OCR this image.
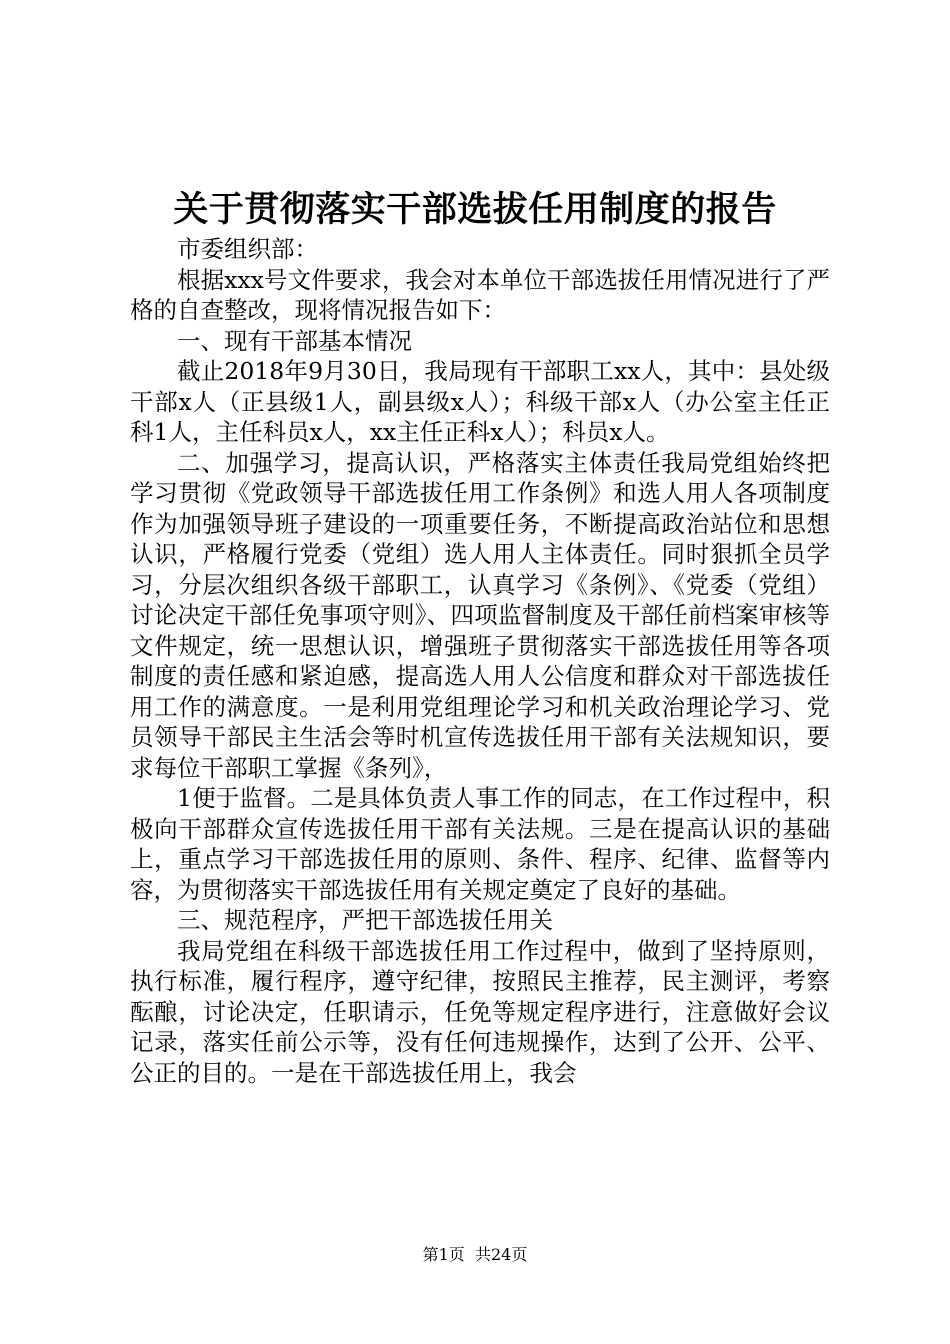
关于贯彻落实干部选拔任用制度的报告

市委组织部：

根据xxx号文件要求，我会对本单位干部选拔任用情况进行了严格的自查整改，现将情况报告如下：

一、现有干部基本情况

截止2018年9月30日，我局现有干部职工xx人，其中：县处级干部x人（正县级1人，副县级x人）；科级干部x人（办公室主任正科1人，主任科员x人，xx主任正科x人）；科员x人。

二、加强学习，提高认识，严格落实主体责任我局党组始终把学习贯彻《党政领导干部选拔任用工作条例》和选人用人各项制度作为加强领导班子建设的一项重要任务，不断提高政治站位和思想认识，严格履行党委（党组）选人用人主体责任。同时狠抓全员学习，分层次组织各级干部职工，认真学习《条例》、《党委（党组）讨论决定干部任免事项守则》、四项监督制度及干部任前档案审核等文件规定，统一思想认识，增强班子贯彻落实干部选拔任用等各项制度的责任感和紧迫感，提高选人用人公信度和群众对干部选拔任用工作的满意度。一是利用党组理论学习和机关政治理论学习、党员领导干部民主生活会等时机宣传选拔任用干部有关法规知识，要求每位干部职工掌握《条列》，

1便于监督。二是具体负责人事工作的同志，在工作过程中，积极向干部群众宣传选拔任用干部有关法规。三是在提高认识的基础上，重点学习干部选拔任用的原则、条件、程序、纪律、监督等内容，为贯彻落实干部选拔任用有关规定奠定了良好的基础。

三、规范程序，严把干部选拔任用关

我局党组在科级干部选拔任用工作过程中，做到了坚持原则，执行标准，履行程序，遵守纪律，按照民主推荐，民主测评，考察酝酿，讨论决定，任职请示，任免等规定程序进行，注意做好会议记录，落实任前公示等，没有任何违规操作，达到了公开、公平、公正的目的。一是在干部选拔任用上，我会

第1页 共24页
